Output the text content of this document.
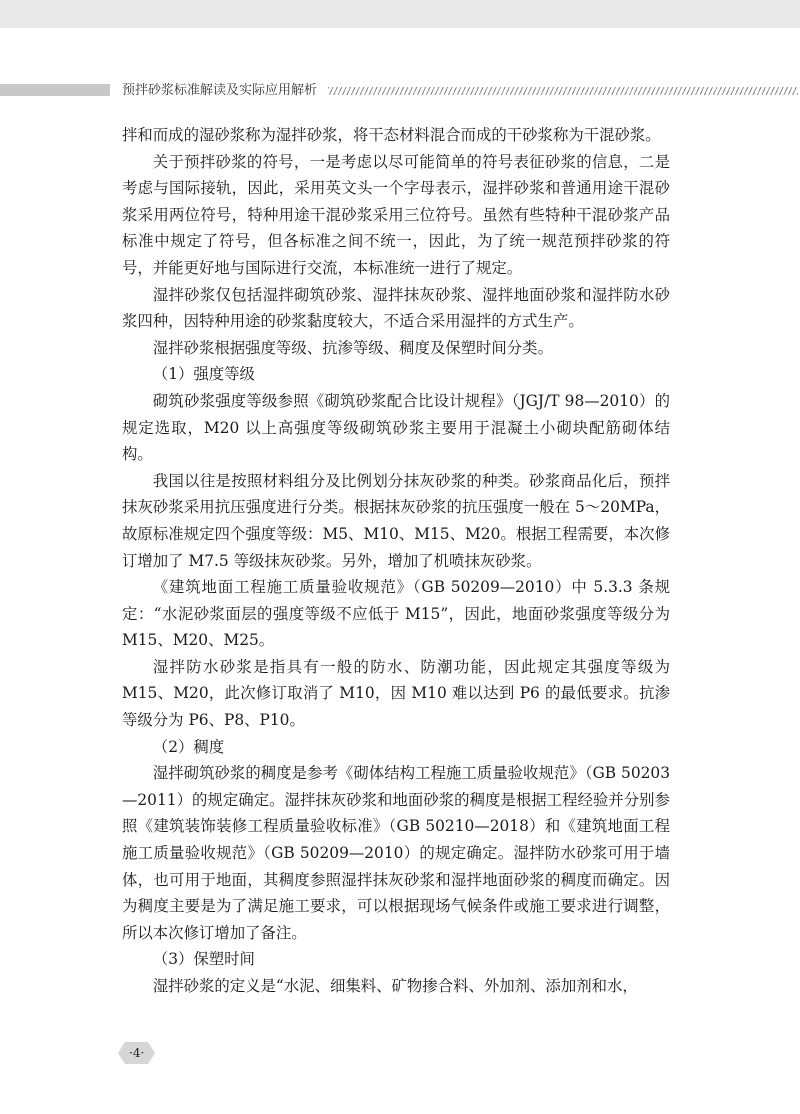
预拌砂浆标准解读及实际应用解析

拌和而成的湿砂浆称为湿拌砂浆，将干态材料混合而成的干砂浆称为干混砂浆。

关于预拌砂浆的符号，一是考虑以尽可能简单的符号表征砂浆的信息，二是考虑与国际接轨，因此，采用英文头一个字母表示，湿拌砂浆和普通用途干混砂浆采用两位符号，特种用途干混砂浆采用三位符号。虽然有些特种干混砂浆产品标准中规定了符号，但各标准之间不统一，因此，为了统一规范预拌砂浆的符号，并能更好地与国际进行交流，本标准统一进行了规定。

湿拌砂浆仅包括湿拌砌筑砂浆、湿拌抹灰砂浆、湿拌地面砂浆和湿拌防水砂浆四种，因特种用途的砂浆黏度较大，不适合采用湿拌的方式生产。

湿拌砂浆根据强度等级、抗渗等级、稠度及保塑时间分类。

（1）强度等级

砌筑砂浆强度等级参照《砌筑砂浆配合比设计规程》（JGJ/T 98—2010）的规定选取，M20 以上高强度等级砌筑砂浆主要用于混凝土小砌块配筋砌体结构。

我国以往是按照材料组分及比例划分抹灰砂浆的种类。砂浆商品化后，预拌抹灰砂浆采用抗压强度进行分类。根据抹灰砂浆的抗压强度一般在 5～20MPa，故原标准规定四个强度等级：M5、M10、M15、M20。根据工程需要，本次修订增加了 M7.5 等级抹灰砂浆。另外，增加了机喷抹灰砂浆。

《建筑地面工程施工质量验收规范》（GB 50209—2010）中 5.3.3 条规定：“水泥砂浆面层的强度等级不应低于 M15”，因此，地面砂浆强度等级分为 M15、M20、M25。

湿拌防水砂浆是指具有一般的防水、防潮功能，因此规定其强度等级为 M15、M20，此次修订取消了 M10，因 M10 难以达到 P6 的最低要求。抗渗等级分为 P6、P8、P10。

（2）稠度

湿拌砌筑砂浆的稠度是参考《砌体结构工程施工质量验收规范》（GB 50203—2011）的规定确定。湿拌抹灰砂浆和地面砂浆的稠度是根据工程经验并分别参照《建筑装饰装修工程质量验收标准》（GB 50210—2018）和《建筑地面工程施工质量验收规范》（GB 50209—2010）的规定确定。湿拌防水砂浆可用于墙体，也可用于地面，其稠度参照湿拌抹灰砂浆和湿拌地面砂浆的稠度而确定。因为稠度主要是为了满足施工要求，可以根据现场气候条件或施工要求进行调整，所以本次修订增加了备注。

（3）保塑时间

湿拌砂浆的定义是“水泥、细集料、矿物掺合料、外加剂、添加剂和水，

·4·
